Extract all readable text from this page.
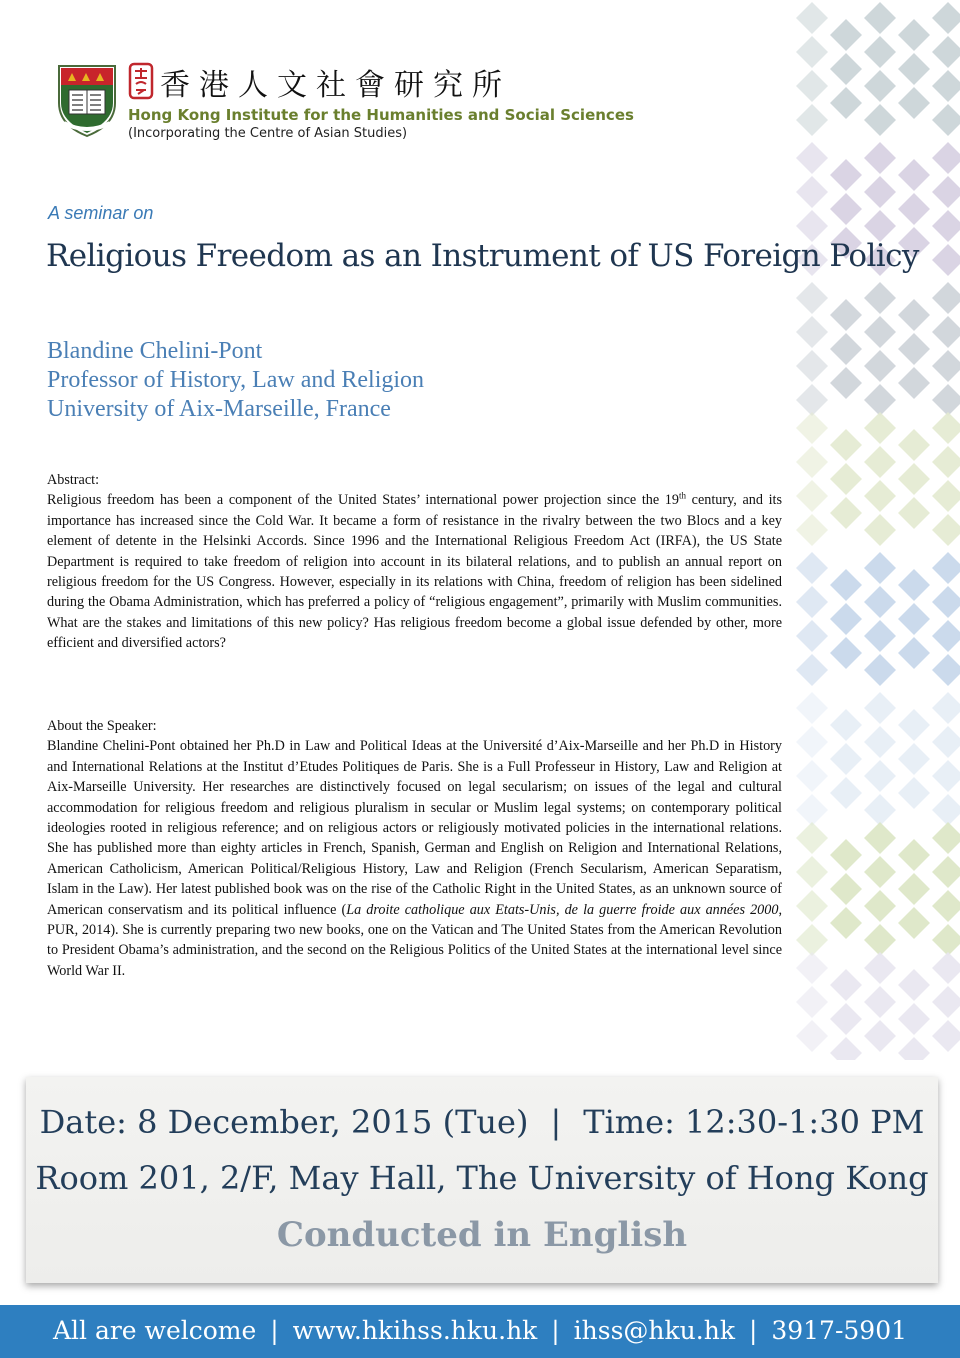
香港人文社會研究所
Hong Kong Institute for the Humanities and Social Sciences
(Incorporating the Centre of Asian Studies)
A seminar on
Religious Freedom as an Instrument of US Foreign Policy
Blandine Chelini-Pont
Professor of History, Law and Religion
University of Aix-Marseille, France
Abstract:
Religious freedom has been a component of the United States’ international power projection since the 19th century, and its importance has increased since the Cold War. It became a form of resistance in the rivalry between the two Blocs and a key element of detente in the Helsinki Accords. Since 1996 and the International Religious Freedom Act (IRFA), the US State Department is required to take freedom of religion into account in its bilateral relations, and to publish an annual report on religious freedom for the US Congress. However, especially in its relations with China, freedom of religion has been sidelined during the Obama Administration, which has preferred a policy of “religious engagement”, primarily with Muslim communities. What are the stakes and limitations of this new policy? Has religious freedom become a global issue defended by other, more efficient and diversified actors?
About the Speaker:
Blandine Chelini-Pont obtained her Ph.D in Law and Political Ideas at the Université d’Aix-Marseille and her Ph.D in History and International Relations at the Institut d’Etudes Politiques de Paris. She is a Full Professeur in History, Law and Religion at Aix-Marseille University. Her researches are distinctively focused on legal secularism; on issues of the legal and cultural accommodation for religious freedom and religious pluralism in secular or Muslim legal systems; on contemporary political ideologies rooted in religious reference; and on religious actors or religiously motivated policies in the international relations. She has published more than eighty articles in French, Spanish, German and English on Religion and International Relations, American Catholicism, American Political/Religious History, Law and Religion (French Secularism, American Separatism, Islam in the Law). Her latest published book was on the rise of the Catholic Right in the United States, as an unknown source of American conservatism and its political influence (La droite catholique aux Etats-Unis, de la guerre froide aux années 2000, PUR, 2014). She is currently preparing two new books, one on the Vatican and The United States from the American Revolution to President Obama’s administration, and the second on the Religious Politics of the United States at the international level since World War II.
Date: 8 December, 2015 (Tue) | Time: 12:30-1:30 PM
Room 201, 2/F, May Hall, The University of Hong Kong
Conducted in English
All are welcome | www.hkihss.hku.hk | ihss@hku.hk | 3917-5901
